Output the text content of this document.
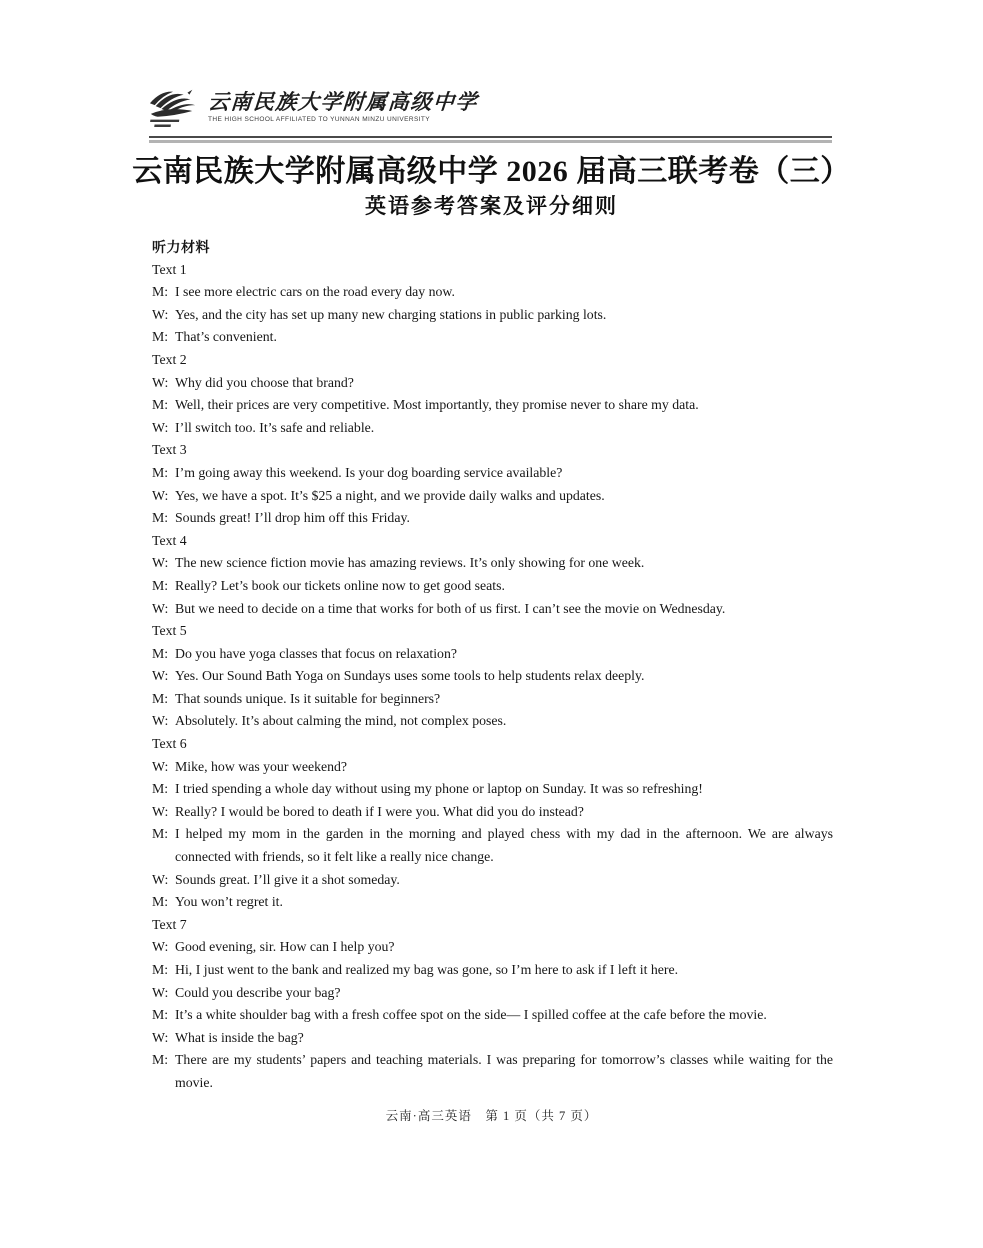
云南民族大学附属高级中学
THE HIGH SCHOOL AFFILIATED TO YUNNAN MINZU UNIVERSITY
云南民族大学附属高级中学 2026 届高三联考卷（三）
英语参考答案及评分细则
听力材料
Text 1
M: I see more electric cars on the road every day now.
W: Yes, and the city has set up many new charging stations in public parking lots.
M: That’s convenient.
Text 2
W: Why did you choose that brand?
M: Well, their prices are very competitive. Most importantly, they promise never to share my data.
W: I’ll switch too. It’s safe and reliable.
Text 3
M: I’m going away this weekend. Is your dog boarding service available?
W: Yes, we have a spot. It’s $25 a night, and we provide daily walks and updates.
M: Sounds great! I’ll drop him off this Friday.
Text 4
W: The new science fiction movie has amazing reviews. It’s only showing for one week.
M: Really? Let’s book our tickets online now to get good seats.
W: But we need to decide on a time that works for both of us first. I can’t see the movie on Wednesday.
Text 5
M: Do you have yoga classes that focus on relaxation?
W: Yes. Our Sound Bath Yoga on Sundays uses some tools to help students relax deeply.
M: That sounds unique. Is it suitable for beginners?
W: Absolutely. It’s about calming the mind, not complex poses.
Text 6
W: Mike, how was your weekend?
M: I tried spending a whole day without using my phone or laptop on Sunday. It was so refreshing!
W: Really? I would be bored to death if I were you. What did you do instead?
M: I helped my mom in the garden in the morning and played chess with my dad in the afternoon. We are always connected with friends, so it felt like a really nice change.
W: Sounds great. I’ll give it a shot someday.
M: You won’t regret it.
Text 7
W: Good evening, sir. How can I help you?
M: Hi, I just went to the bank and realized my bag was gone, so I’m here to ask if I left it here.
W: Could you describe your bag?
M: It’s a white shoulder bag with a fresh coffee spot on the side— I spilled coffee at the cafe before the movie.
W: What is inside the bag?
M: There are my students’ papers and teaching materials. I was preparing for tomorrow’s classes while waiting for the movie.
云南·高三英语　第 1 页（共 7 页）
